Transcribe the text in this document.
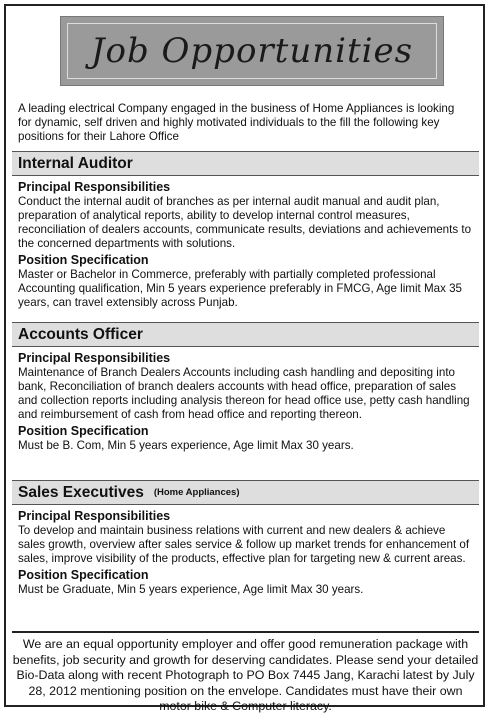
Job Opportunities

A leading electrical Company engaged in the business of Home Appliances is looking for dynamic, self driven and highly motivated individuals to the fill the following key positions for their Lahore Office

Internal Auditor
Principal Responsibilities

Conduct the internal audit of branches as per internal audit manual and audit plan, preparation of analytical reports, ability to develop internal control measures, reconciliation of dealers accounts, communicate results, deviations and achievements to the concerned departments with solutions.

Position Specification

Master or Bachelor in Commerce, preferably with partially completed professional Accounting qualification, Min 5 years experience preferably in FMCG, Age limit Max 35 years, can travel extensibly across Punjab.

Accounts Officer
Principal Responsibilities

Maintenance of Branch Dealers Accounts including cash handling and depositing into bank, Reconciliation of branch dealers accounts with head office, preparation of sales and collection reports including analysis thereon for head office use, petty cash handling and reimbursement of cash from head office and reporting thereon.

Position Specification

Must be B. Com, Min 5 years experience, Age limit Max 30 years.

Sales Executives (Home Appliances)
Principal Responsibilities

To develop and maintain business relations with current and new dealers & achieve sales growth, overview after sales service & follow up market trends for enhancement of sales, improve visibility of the products, effective plan for targeting new & current areas.

Position Specification

Must be Graduate, Min 5 years experience, Age limit Max 30 years.

We are an equal opportunity employer and offer good remuneration package with benefits, job security and growth for deserving candidates. Please send your detailed Bio-Data along with recent Photograph to PO Box 7445 Jang, Karachi latest by July 28, 2012 mentioning position on the envelope. Candidates must have their own motor bike & Computer literacy.
